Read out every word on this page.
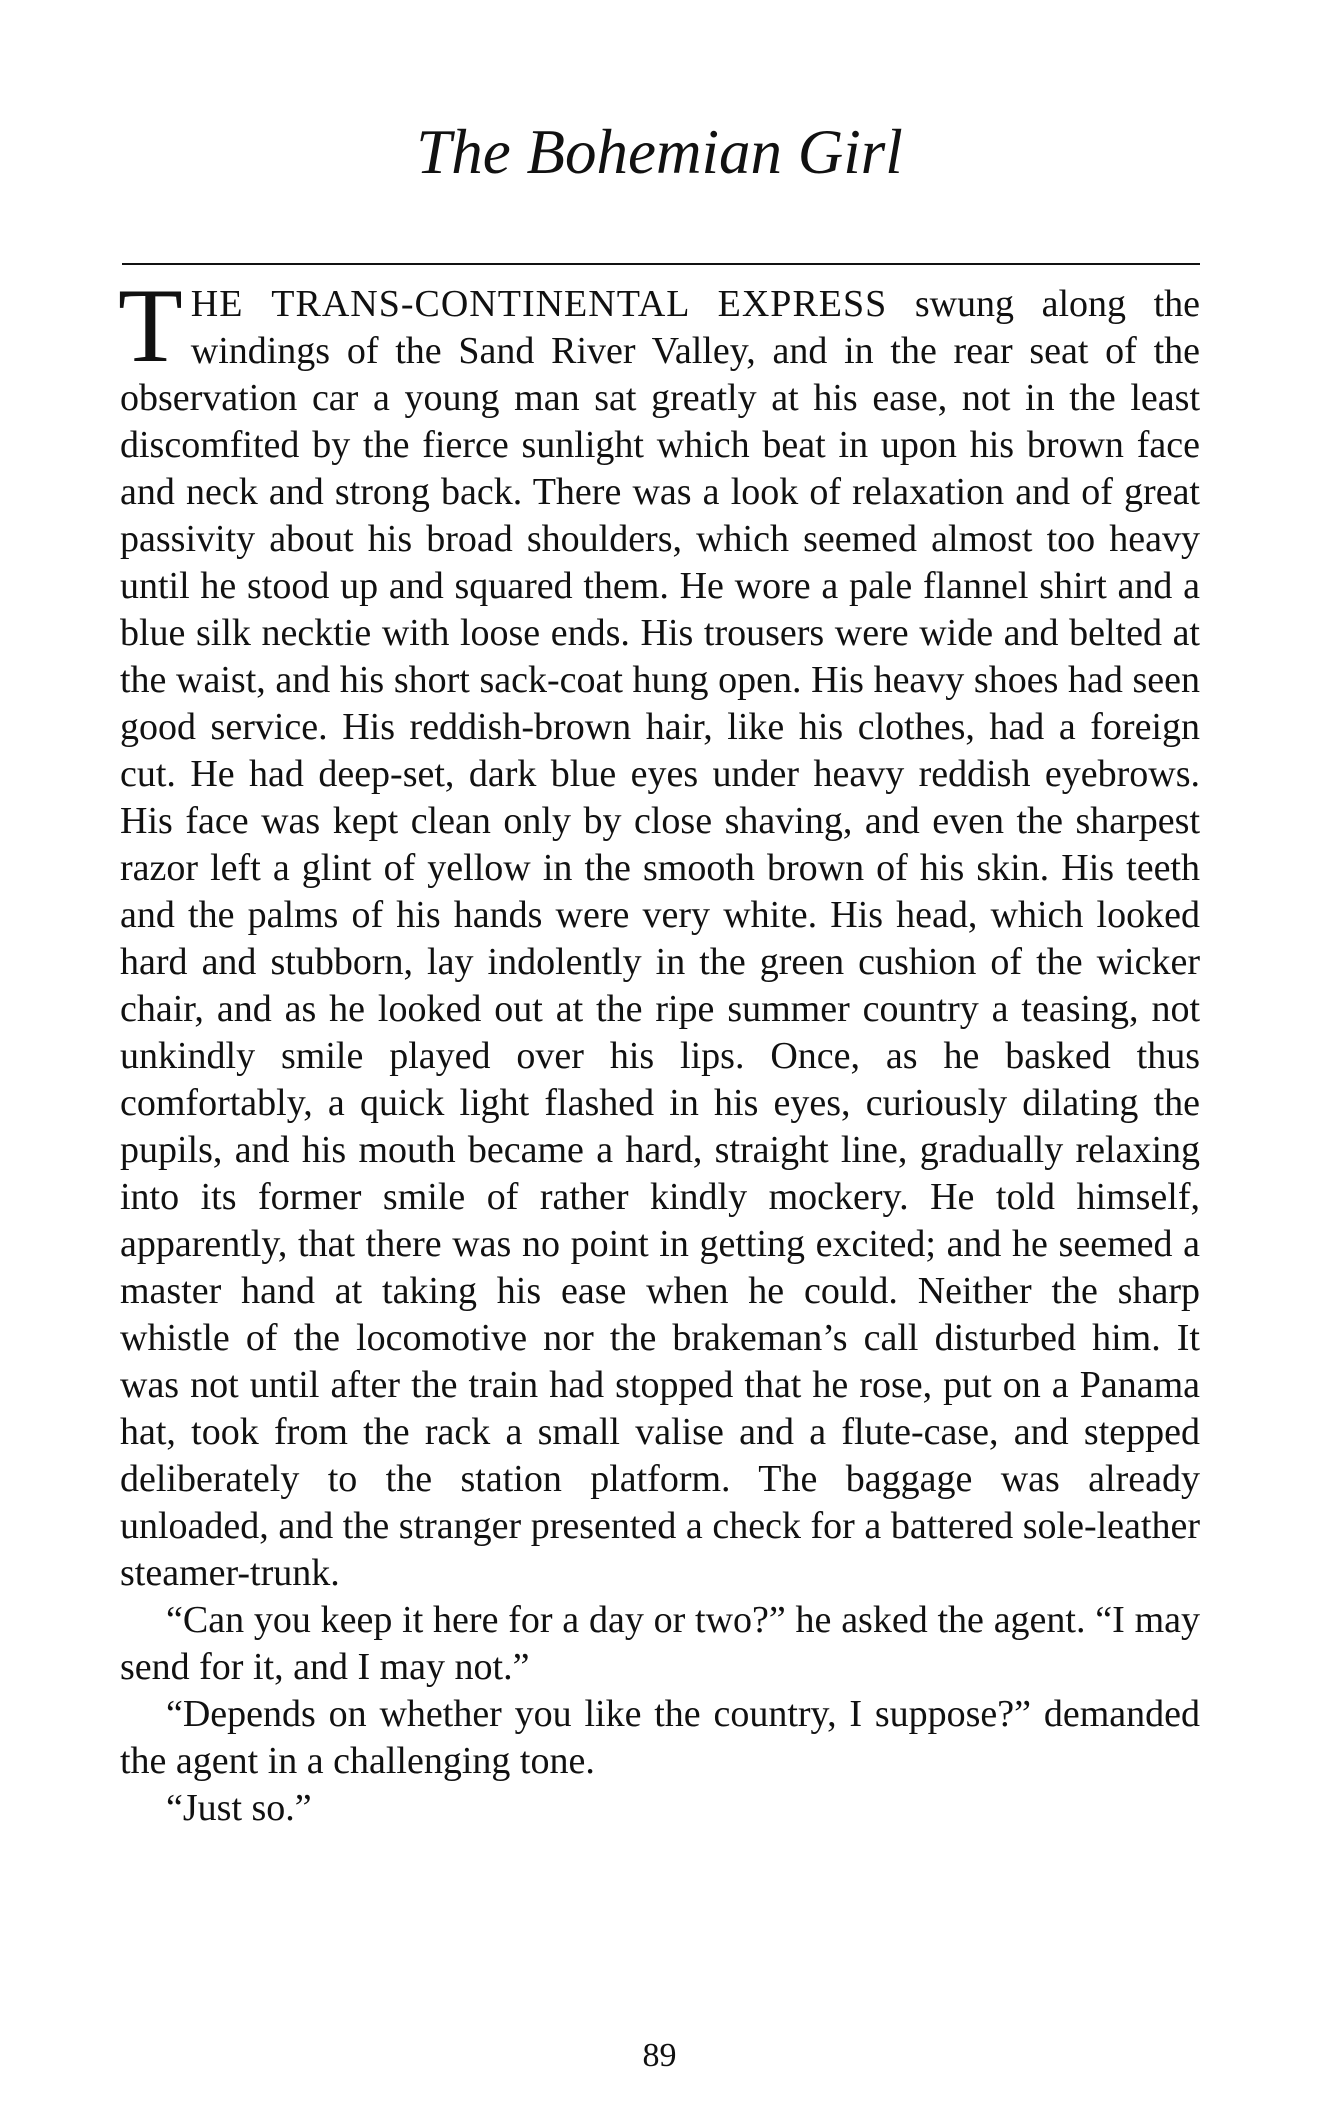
The Bohemian Girl

THE TRANS-CONTINENTAL EXPRESS swung along the windings of the Sand River Valley, and in the rear seat of the observation car a young man sat greatly at his ease, not in the least discomfited by the fierce sunlight which beat in upon his brown face and neck and strong back. There was a look of relaxation and of great passivity about his broad shoulders, which seemed almost too heavy until he stood up and squared them. He wore a pale flannel shirt and a blue silk necktie with loose ends. His trousers were wide and belted at the waist, and his short sack-coat hung open. His heavy shoes had seen good service. His reddish-brown hair, like his clothes, had a foreign cut. He had deep-set, dark blue eyes under heavy reddish eyebrows. His face was kept clean only by close shaving, and even the sharpest razor left a glint of yellow in the smooth brown of his skin. His teeth and the palms of his hands were very white. His head, which looked hard and stubborn, lay indolently in the green cushion of the wicker chair, and as he looked out at the ripe summer country a teasing, not unkindly smile played over his lips. Once, as he basked thus comfortably, a quick light flashed in his eyes, curiously dilating the pupils, and his mouth became a hard, straight line, gradually relaxing into its former smile of rather kindly mockery. He told himself, apparently, that there was no point in getting excited; and he seemed a master hand at taking his ease when he could. Neither the sharp whistle of the locomotive nor the brakeman’s call disturbed him. It was not until after the train had stopped that he rose, put on a Panama hat, took from the rack a small valise and a flute-case, and stepped deliberately to the station platform. The baggage was already unloaded, and the stranger presented a check for a battered sole-leather steamer-trunk.

“Can you keep it here for a day or two?” he asked the agent. “I may send for it, and I may not.”

“Depends on whether you like the country, I suppose?” demanded the agent in a challenging tone.

“Just so.”

89
